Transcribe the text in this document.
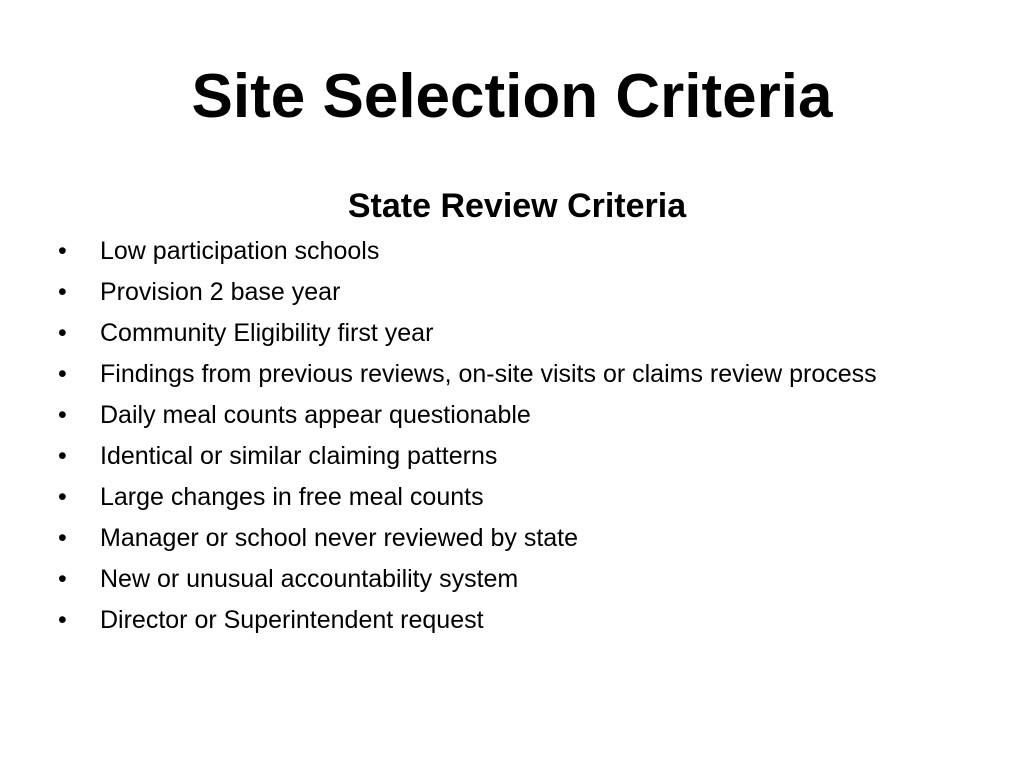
Site Selection Criteria
State Review Criteria
•	Low participation schools
•	Provision 2 base year
•	Community Eligibility first year
•	Findings from previous reviews, on-site visits or claims review process
•	Daily meal counts appear questionable
•	Identical or similar claiming patterns
•	Large changes in free meal counts
•	Manager or school never reviewed by state
•	New or unusual accountability system
•	Director or Superintendent request
